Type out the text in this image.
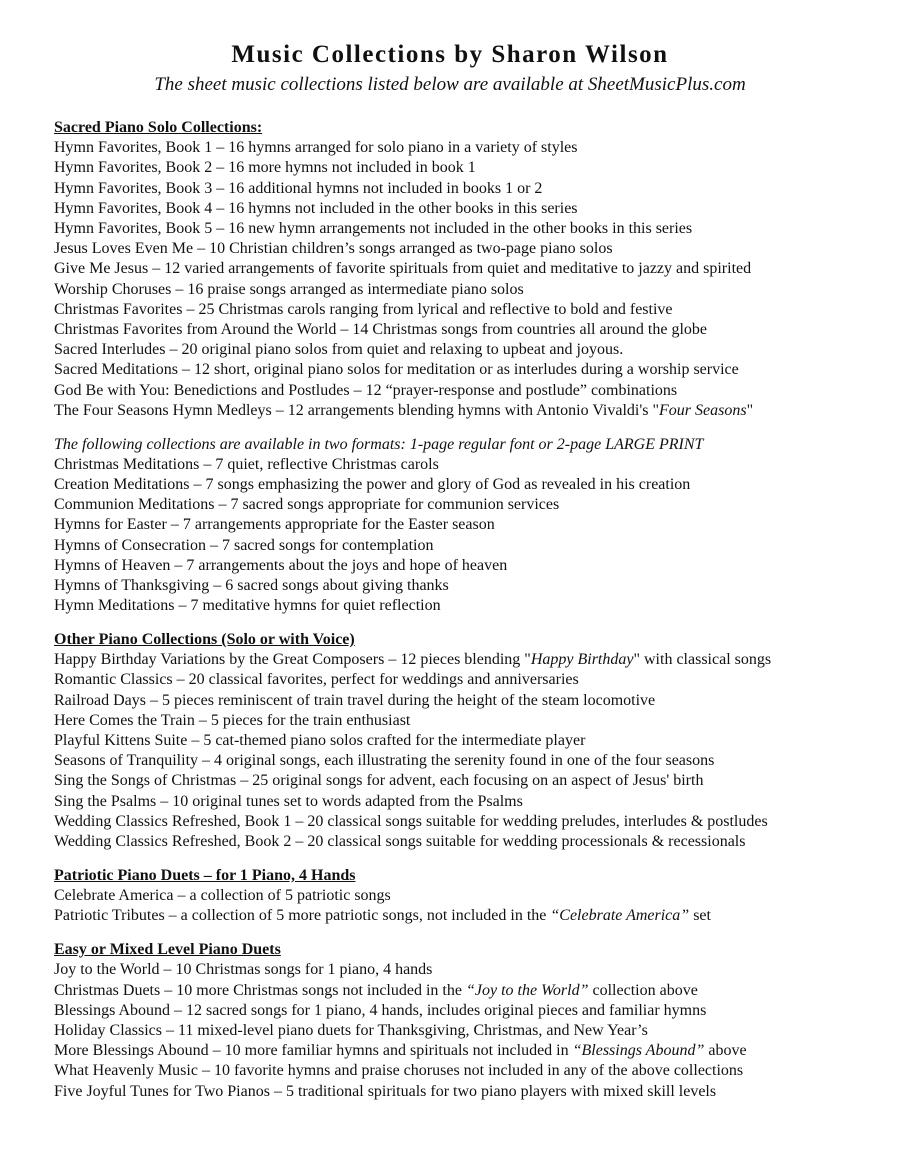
Music Collections by Sharon Wilson
The sheet music collections listed below are available at SheetMusicPlus.com
Sacred Piano Solo Collections:
Hymn Favorites, Book 1 – 16 hymns arranged for solo piano in a variety of styles
Hymn Favorites, Book 2 – 16 more hymns not included in book 1
Hymn Favorites, Book 3 – 16 additional hymns not included in books 1 or 2
Hymn Favorites, Book 4 – 16 hymns not included in the other books in this series
Hymn Favorites, Book 5 – 16 new hymn arrangements not included in the other books in this series
Jesus Loves Even Me – 10 Christian children’s songs arranged as two-page piano solos
Give Me Jesus – 12 varied arrangements of favorite spirituals from quiet and meditative to jazzy and spirited
Worship Choruses – 16 praise songs arranged as intermediate piano solos
Christmas Favorites – 25 Christmas carols ranging from lyrical and reflective to bold and festive
Christmas Favorites from Around the World – 14 Christmas songs from countries all around the globe
Sacred Interludes – 20 original piano solos from quiet and relaxing to upbeat and joyous.
Sacred Meditations – 12 short, original piano solos for meditation or as interludes during a worship service
God Be with You: Benedictions and Postludes – 12 “prayer-response and postlude” combinations
The Four Seasons Hymn Medleys – 12 arrangements blending hymns with Antonio Vivaldi's "Four Seasons"
The following collections are available in two formats: 1-page regular font or 2-page LARGE PRINT
Christmas Meditations – 7 quiet, reflective Christmas carols
Creation Meditations – 7 songs emphasizing the power and glory of God as revealed in his creation
Communion Meditations – 7 sacred songs appropriate for communion services
Hymns for Easter – 7 arrangements appropriate for the Easter season
Hymns of Consecration – 7 sacred songs for contemplation
Hymns of Heaven – 7 arrangements about the joys and hope of heaven
Hymns of Thanksgiving – 6 sacred songs about giving thanks
Hymn Meditations – 7 meditative hymns for quiet reflection
Other Piano Collections (Solo or with Voice)
Happy Birthday Variations by the Great Composers – 12 pieces blending "Happy Birthday" with classical songs
Romantic Classics – 20 classical favorites, perfect for weddings and anniversaries
Railroad Days – 5 pieces reminiscent of train travel during the height of the steam locomotive
Here Comes the Train – 5 pieces for the train enthusiast
Playful Kittens Suite – 5 cat-themed piano solos crafted for the intermediate player
Seasons of Tranquility – 4 original songs, each illustrating the serenity found in one of the four seasons
Sing the Songs of Christmas – 25 original songs for advent, each focusing on an aspect of Jesus' birth
Sing the Psalms – 10 original tunes set to words adapted from the Psalms
Wedding Classics Refreshed, Book 1 – 20 classical songs suitable for wedding preludes, interludes & postludes
Wedding Classics Refreshed, Book 2 – 20 classical songs suitable for wedding processionals & recessionals
Patriotic Piano Duets – for 1 Piano, 4 Hands
Celebrate America – a collection of 5 patriotic songs
Patriotic Tributes – a collection of 5 more patriotic songs, not included in the “Celebrate America” set
Easy or Mixed Level Piano Duets
Joy to the World – 10 Christmas songs for 1 piano, 4 hands
Christmas Duets – 10 more Christmas songs not included in the “Joy to the World” collection above
Blessings Abound – 12 sacred songs for 1 piano, 4 hands, includes original pieces and familiar hymns
Holiday Classics – 11 mixed-level piano duets for Thanksgiving, Christmas, and New Year’s
More Blessings Abound – 10 more familiar hymns and spirituals not included in “Blessings Abound” above
What Heavenly Music – 10 favorite hymns and praise choruses not included in any of the above collections
Five Joyful Tunes for Two Pianos – 5 traditional spirituals for two piano players with mixed skill levels
